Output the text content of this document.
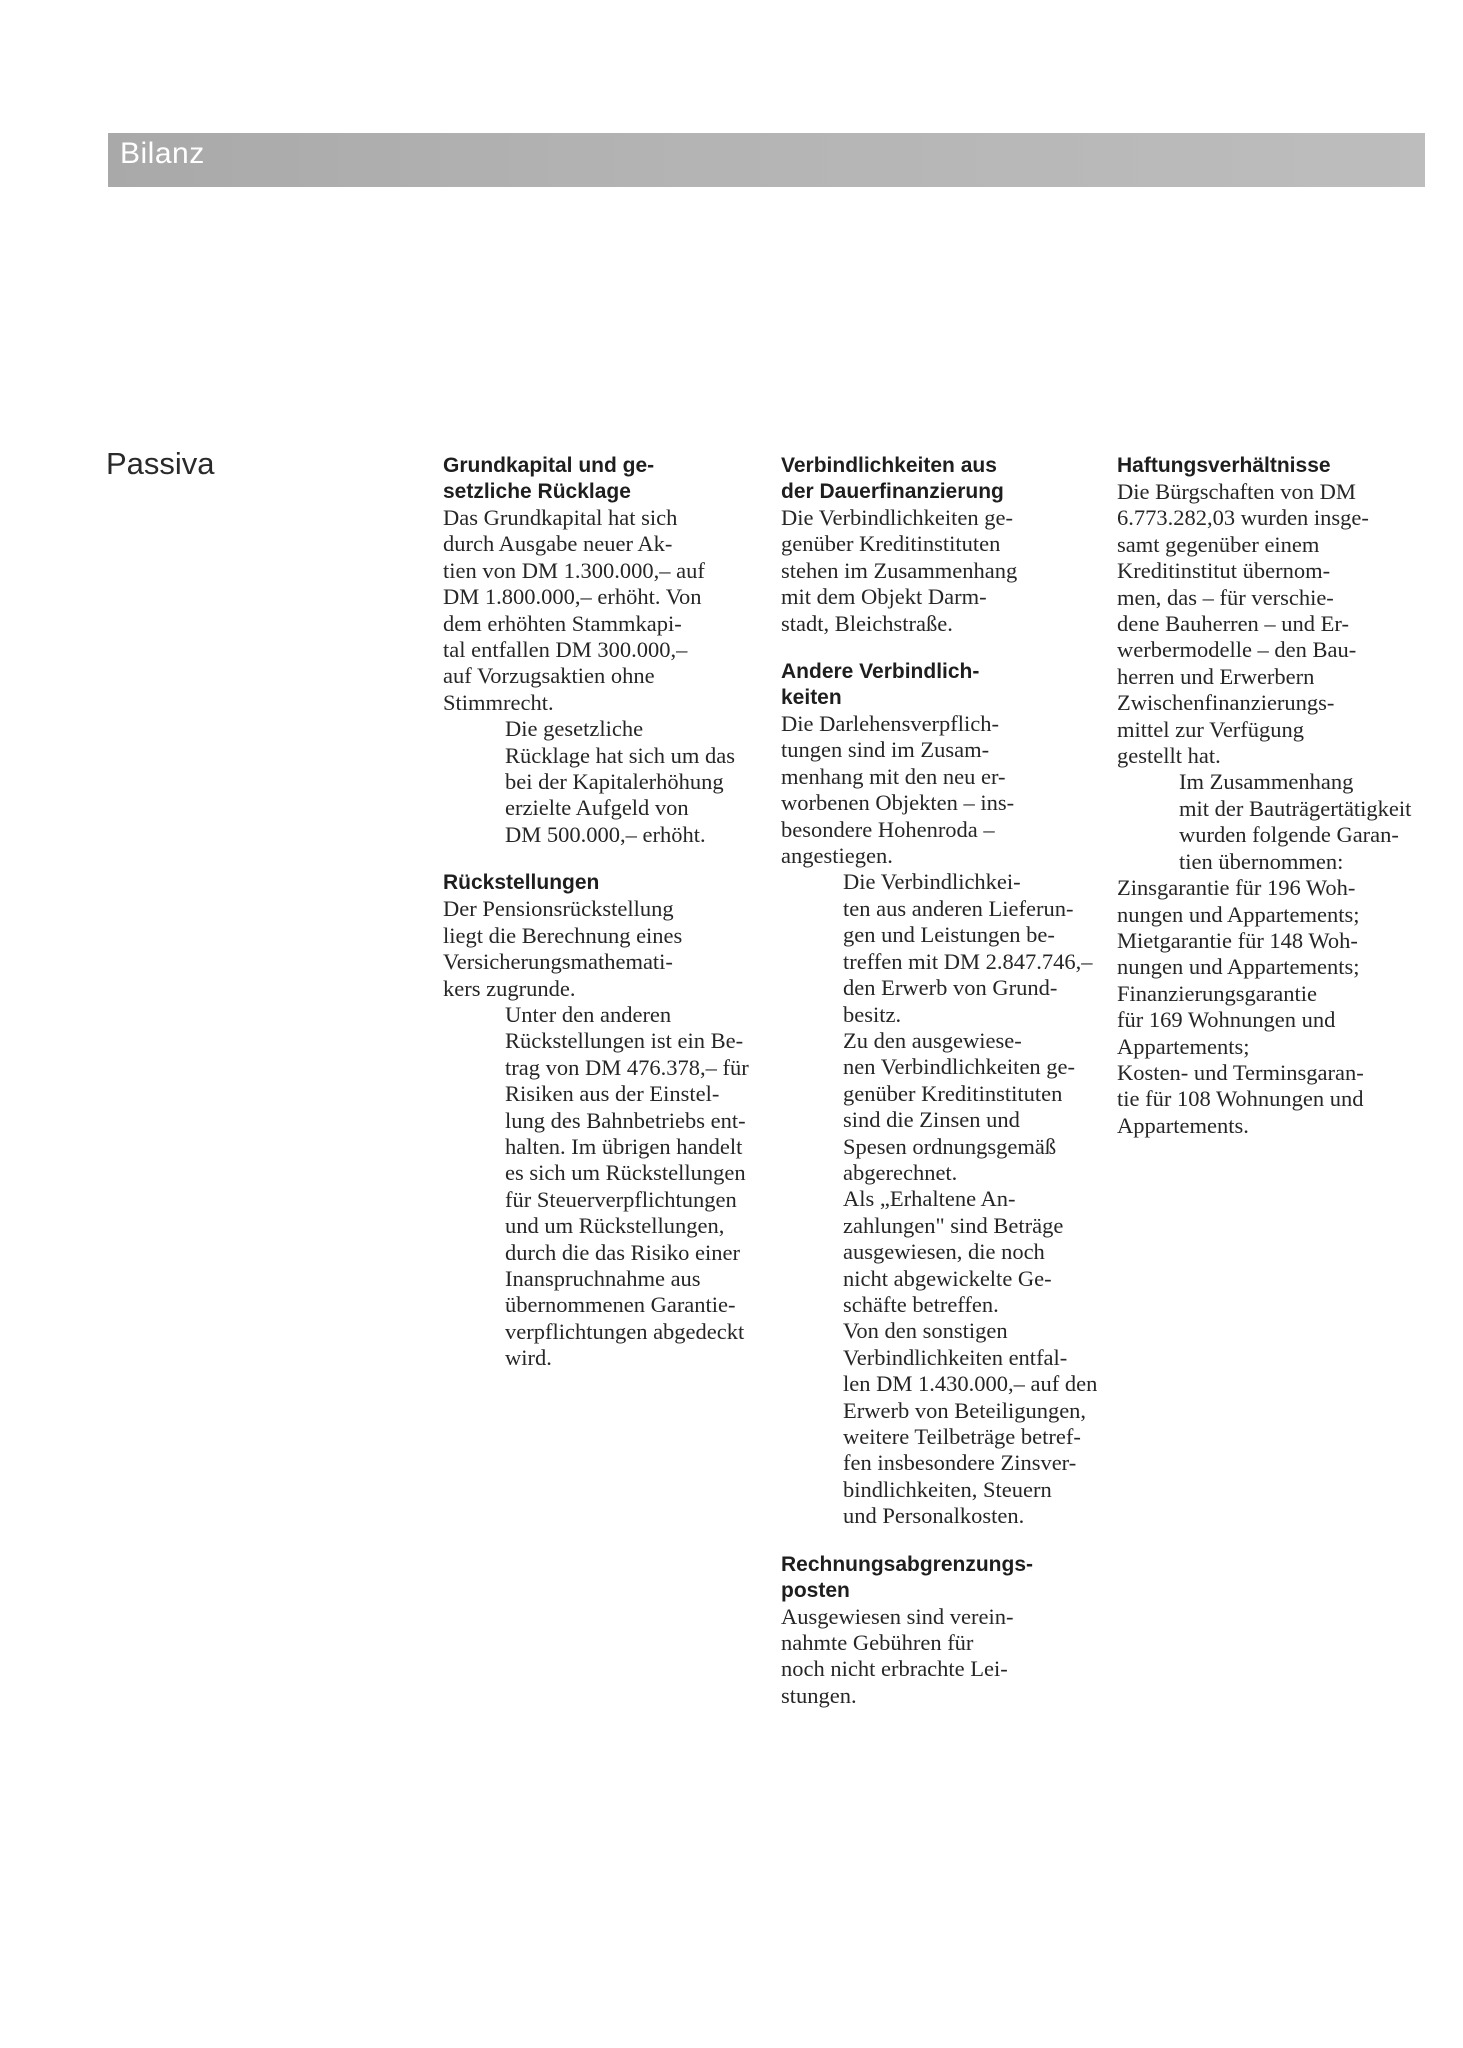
Bilanz
Passiva	Grundkapital und ge-
setzliche Rücklage

Das Grundkapital hat sich
durch Ausgabe neuer Ak-
tien von DM 1.300.000,– auf
DM 1.800.000,– erhöht. Von
dem erhöhten Stammkapi-
tal entfallen DM 300.000,–
auf Vorzugsaktien ohne
Stimmrecht.

Die gesetzliche
Rücklage hat sich um das
bei der Kapitalerhöhung
erzielte Aufgeld von
DM 500.000,– erhöht.

Rückstellungen

Der Pensionsrückstellung
liegt die Berechnung eines
Versicherungsmathemati-
kers zugrunde.

Unter den anderen
Rückstellungen ist ein Be-
trag von DM 476.378,– für
Risiken aus der Einstel-
lung des Bahnbetriebs ent-
halten. Im übrigen handelt
es sich um Rückstellungen
für Steuerverpflichtungen
und um Rückstellungen,
durch die das Risiko einer
Inanspruchnahme aus
übernommenen Garantie-
verpflichtungen abgedeckt
wird.

Verbindlichkeiten aus
der Dauerfinanzierung

Die Verbindlichkeiten ge-
genüber Kreditinstituten
stehen im Zusammenhang
mit dem Objekt Darm-
stadt, Bleichstraße.

Andere Verbindlich-
keiten

Die Darlehensverpflich-
tungen sind im Zusam-
menhang mit den neu er-
worbenen Objekten – ins-
besondere Hohenroda –
angestiegen.

Die Verbindlichkei-
ten aus anderen Lieferun-
gen und Leistungen be-
treffen mit DM 2.847.746,–
den Erwerb von Grund-
besitz.

Zu den ausgewiese-
nen Verbindlichkeiten ge-
genüber Kreditinstituten
sind die Zinsen und
Spesen ordnungsgemäß
abgerechnet.

Als „Erhaltene An-
zahlungen" sind Beträge
ausgewiesen, die noch
nicht abgewickelte Ge-
schäfte betreffen.

Von den sonstigen
Verbindlichkeiten entfal-
len DM 1.430.000,– auf den
Erwerb von Beteiligungen,
weitere Teilbeträge betref-
fen insbesondere Zinsver-
bindlichkeiten, Steuern
und Personalkosten.

Rechnungsabgrenzungs-
posten

Ausgewiesen sind verein-
nahmte Gebühren für
noch nicht erbrachte Lei-
stungen.

Haftungsverhältnisse

Die Bürgschaften von DM
6.773.282,03 wurden insge-
samt gegenüber einem
Kreditinstitut übernom-
men, das – für verschie-
dene Bauherren – und Er-
werbermodelle – den Bau-
herren und Erwerbern
Zwischenfinanzierungs-
mittel zur Verfügung
gestellt hat.

Im Zusammenhang
mit der Bauträgertätigkeit
wurden folgende Garan-
tien übernommen:

Zinsgarantie für 196 Woh-
nungen und Appartements;
Mietgarantie für 148 Woh-
nungen und Appartements;
Finanzierungsgarantie
für 169 Wohnungen und
Appartements;
Kosten- und Terminsgaran-
tie für 108 Wohnungen und
Appartements.
